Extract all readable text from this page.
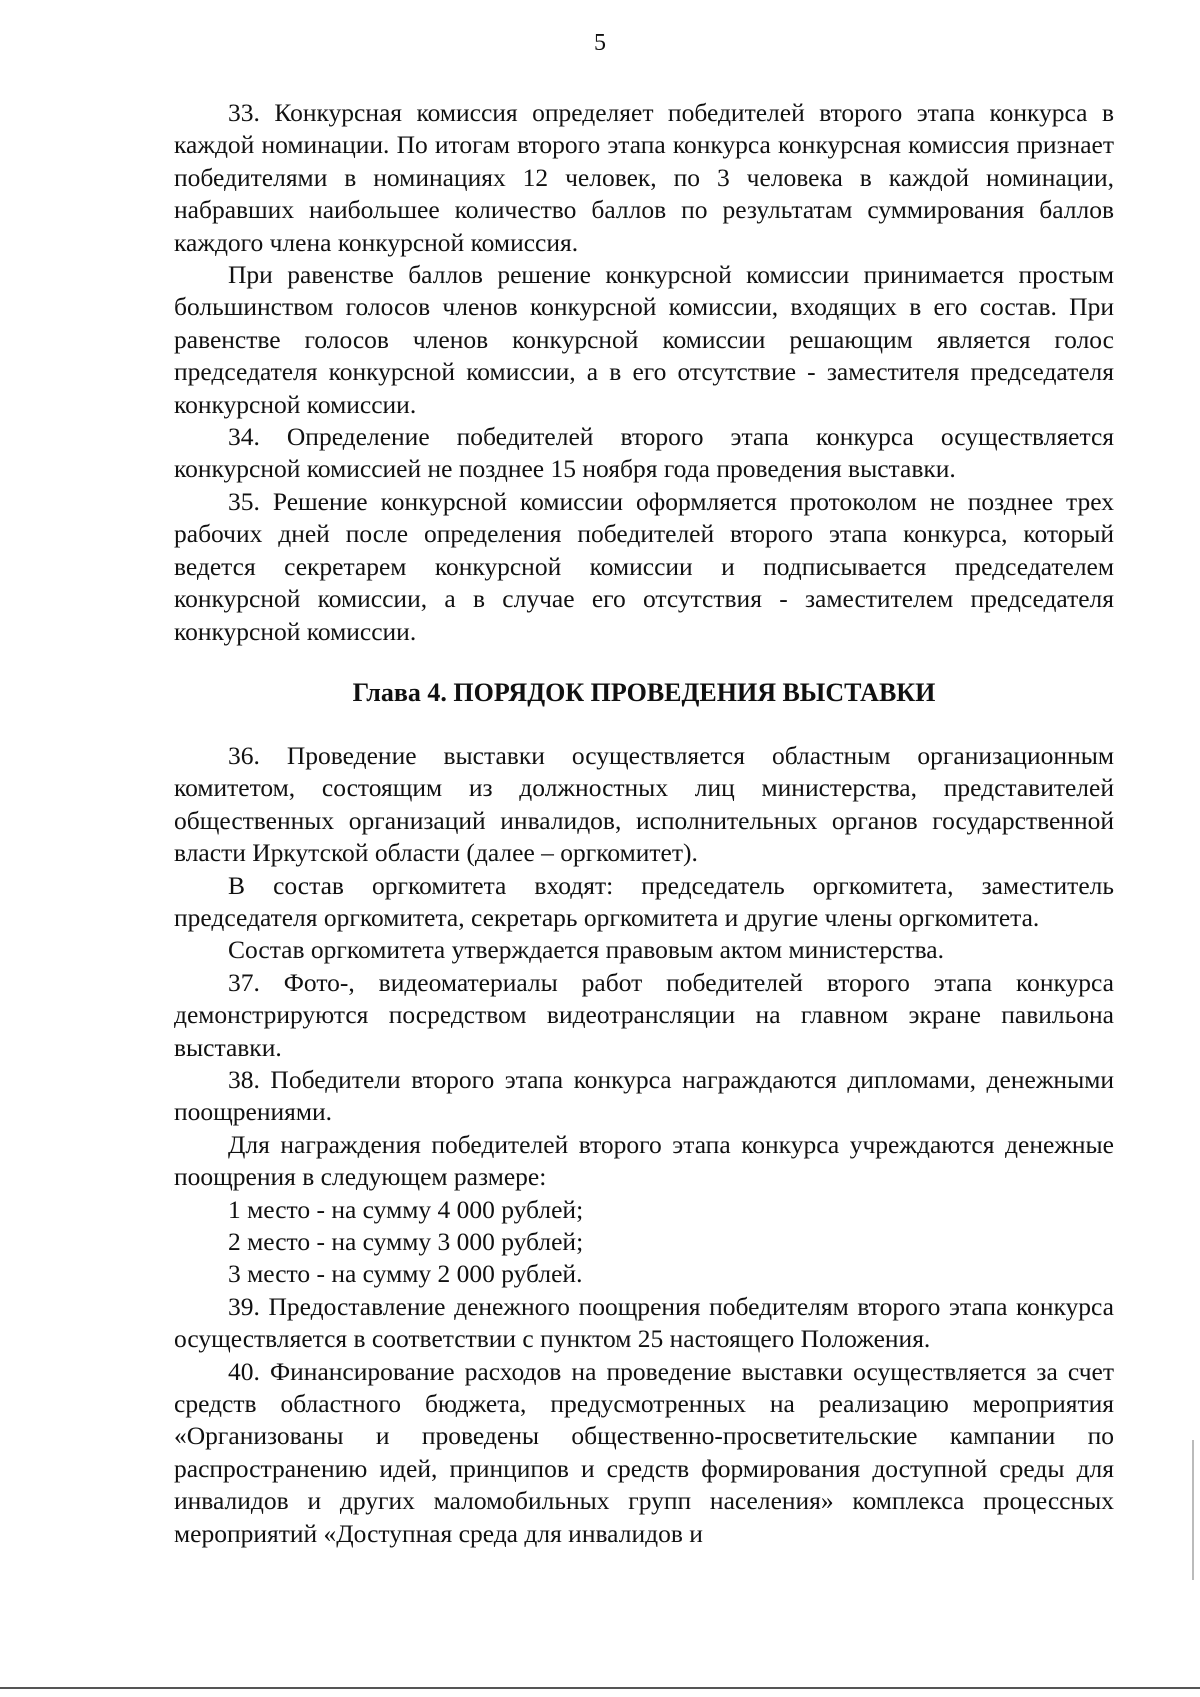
5

33. Конкурсная комиссия определяет победителей второго этапа конкурса в каждой номинации. По итогам второго этапа конкурса конкурсная комиссия признает победителями в номинациях 12 человек, по 3 человека в каждой номинации, набравших наибольшее количество баллов по результатам суммирования баллов каждого члена конкурсной комиссия.

При равенстве баллов решение конкурсной комиссии принимается простым большинством голосов членов конкурсной комиссии, входящих в его состав. При равенстве голосов членов конкурсной комиссии решающим является голос председателя конкурсной комиссии, а в его отсутствие - заместителя председателя конкурсной комиссии.

34. Определение победителей второго этапа конкурса осуществляется конкурсной комиссией не позднее 15 ноября года проведения выставки.

35. Решение конкурсной комиссии оформляется протоколом не позднее трех рабочих дней после определения победителей второго этапа конкурса, который ведется секретарем конкурсной комиссии и подписывается председателем конкурсной комиссии, а в случае его отсутствия - заместителем председателя конкурсной комиссии.

Глава 4. ПОРЯДОК ПРОВЕДЕНИЯ ВЫСТАВКИ

36. Проведение выставки осуществляется областным организационным комитетом, состоящим из должностных лиц министерства, представителей общественных организаций инвалидов, исполнительных органов государственной власти Иркутской области (далее – оргкомитет).

В состав оргкомитета входят: председатель оргкомитета, заместитель председателя оргкомитета, секретарь оргкомитета и другие члены оргкомитета.

Состав оргкомитета утверждается правовым актом министерства.

37. Фото-, видеоматериалы работ победителей второго этапа конкурса демонстрируются посредством видеотрансляции на главном экране павильона выставки.

38. Победители второго этапа конкурса награждаются дипломами, денежными поощрениями.

Для награждения победителей второго этапа конкурса учреждаются денежные поощрения в следующем размере:

1 место - на сумму 4 000 рублей;

2 место - на сумму 3 000 рублей;

3 место - на сумму 2 000 рублей.

39. Предоставление денежного поощрения победителям второго этапа конкурса осуществляется в соответствии с пунктом 25 настоящего Положения.

40. Финансирование расходов на проведение выставки осуществляется за счет средств областного бюджета, предусмотренных на реализацию мероприятия «Организованы и проведены общественно-просветительские кампании по распространению идей, принципов и средств формирования доступной среды для инвалидов и других маломобильных групп населения» комплекса процессных мероприятий «Доступная среда для инвалидов и
